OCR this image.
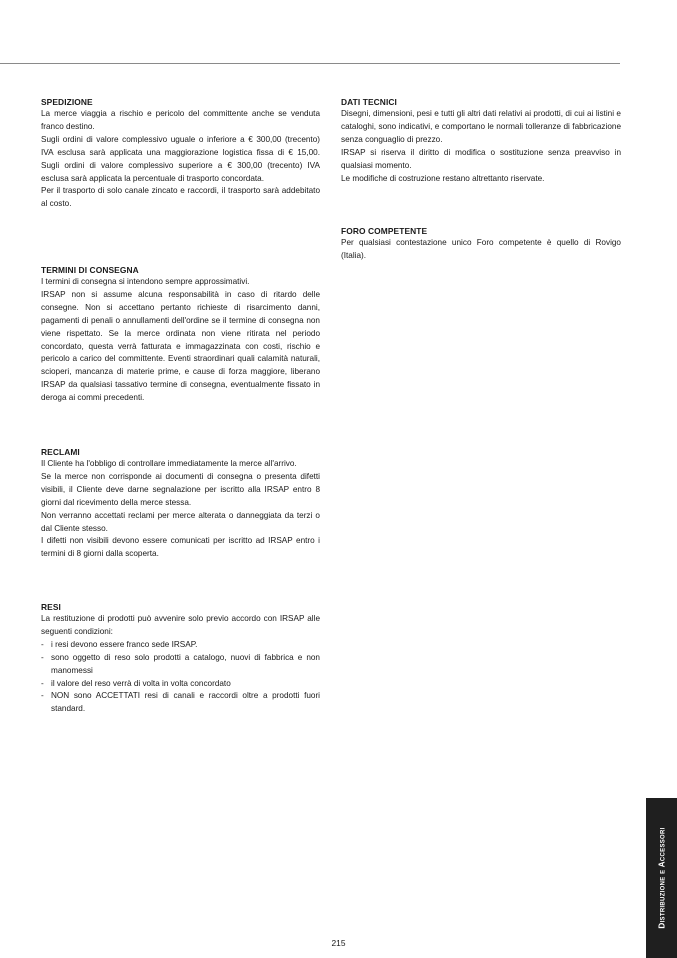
SPEDIZIONE

La merce viaggia a rischio e pericolo del committente anche se venduta franco destino.

Sugli ordini di valore complessivo uguale o inferiore a € 300,00 (trecento) IVA esclusa sarà applicata una maggiorazione logistica fissa di € 15,00. Sugli ordini di valore complessivo superiore a € 300,00 (trecento) IVA esclusa sarà applicata la percentuale di trasporto concordata.

Per il trasporto di solo canale zincato e raccordi, il trasporto sarà addebitato al costo.

TERMINI DI CONSEGNA

I termini di consegna si intendono sempre approssimativi.

IRSAP non si assume alcuna responsabilità in caso di ritardo delle consegne. Non si accettano pertanto richieste di risarcimento danni, pagamenti di penali o annullamenti dell'ordine se il termine di consegna non viene rispettato. Se la merce ordinata non viene ritirata nel periodo concordato, questa verrà fatturata e immagazzinata con costi, rischio e pericolo a carico del committente. Eventi straordinari quali calamità naturali, scioperi, mancanza di materie prime, e cause di forza maggiore, liberano IRSAP da qualsiasi tassativo termine di consegna, eventualmente fissato in deroga ai commi precedenti.

RECLAMI

Il Cliente ha l'obbligo di controllare immediatamente la merce all'arrivo.

Se la merce non corrisponde ai documenti di consegna o presenta difetti visibili, il Cliente deve darne segnalazione per iscritto alla IRSAP entro 8 giorni dal ricevimento della merce stessa.

Non verranno accettati reclami per merce alterata o danneggiata da terzi o dal Cliente stesso.

I difetti non visibili devono essere comunicati per iscritto ad IRSAP entro i termini di 8 giorni dalla scoperta.

RESI

La restituzione di prodotti può avvenire solo previo accordo con IRSAP alle seguenti condizioni:

- i resi devono essere franco sede IRSAP.
- sono oggetto di reso solo prodotti a catalogo, nuovi di fabbrica e non manomessi
- il valore del reso verrà di volta in volta concordato
- NON sono ACCETTATI resi di canali e raccordi oltre a prodotti fuori standard.
DATI TECNICI

Disegni, dimensioni, pesi e tutti gli altri dati relativi ai prodotti, di cui ai listini e cataloghi, sono indicativi, e comportano le normali tolleranze di fabbricazione senza conguaglio di prezzo.

IRSAP si riserva il diritto di modifica o sostituzione senza preavviso in qualsiasi momento.

Le modifiche di costruzione restano altrettanto riservate.

FORO COMPETENTE

Per qualsiasi contestazione unico Foro competente è quello di Rovigo (Italia).

Distribuzione e Accessori
215
